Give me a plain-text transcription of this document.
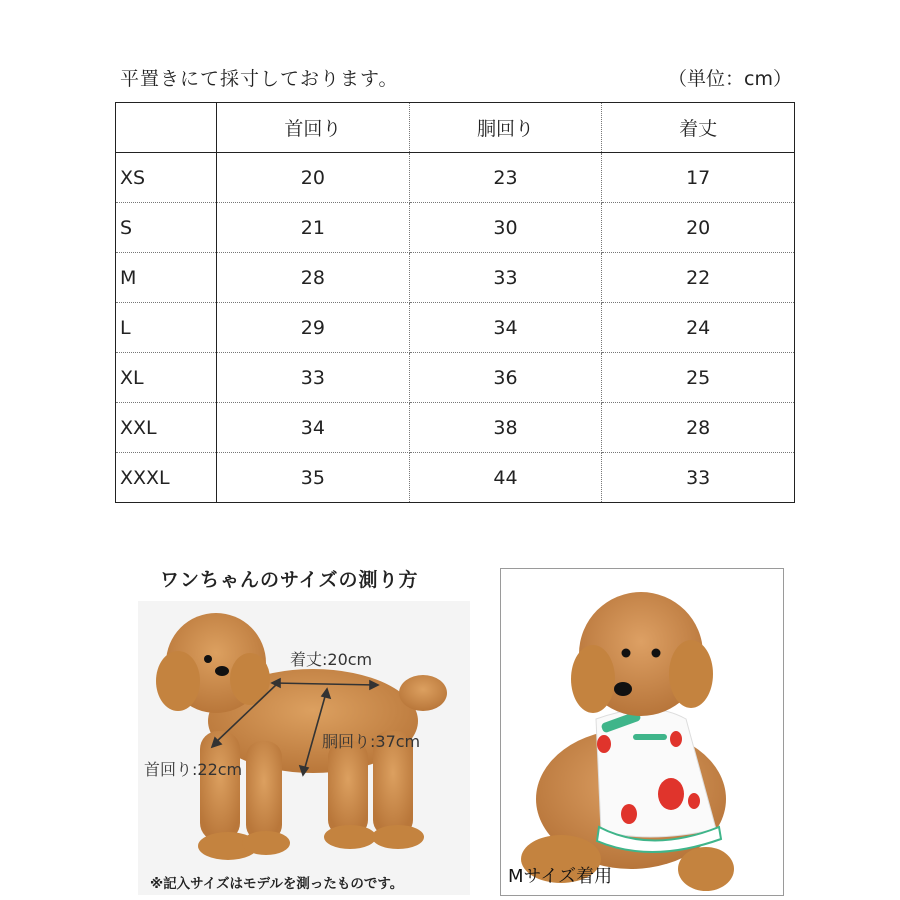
平置きにて採寸しております。	（単位：cm）
	首回り	胴回り	着丈
XS	20	23	17
S	21	30	20
M	28	33	22
L	29	34	24
XL	33	36	25
XXL	34	38	28
XXXL	35	44	33
ワンちゃんのサイズの測り方
着丈:20cm
胴回り:37cm
首回り:22cm
※記入サイズはモデルを測ったものです。	Mサイズ着用
